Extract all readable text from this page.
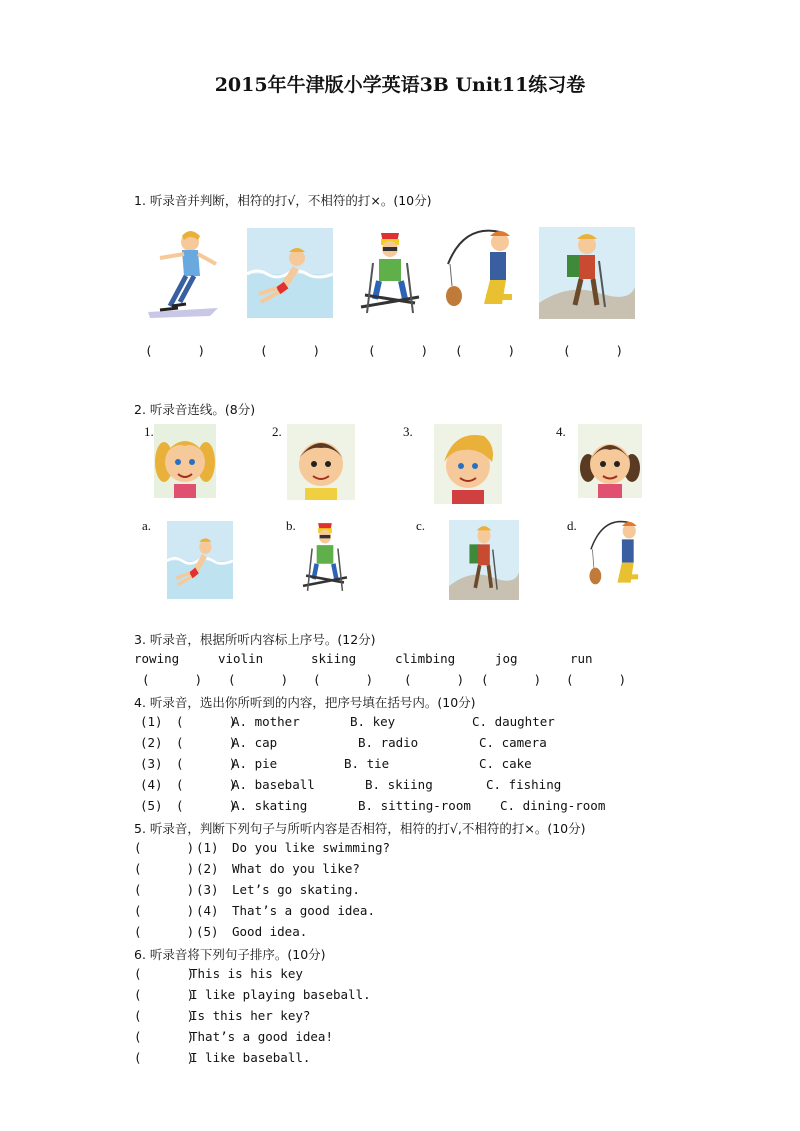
2015年牛津版小学英语3B Unit11练习卷
1. 听录音并判断，相符的打√，不相符的打×。(10分)
(      )	(      )	(      ) (      )	(      )
2. 听录音连线。(8分)
1.	2.	3.	4.
a.	b.	c.	d.
3. 听录音，根据所听内容标上序号。(12分)
rowing	violin	skiing	climbing	jog	run
(      ) (      ) (      ) (      ) (      ) (      )
4. 听录音，选出你所听到的内容，把序号填在括号内。(10分)
(1) (      )
A. mother	B. key	C. daughter
(2) (      )
A. cap	B. radio	C. camera
(3) (      )
A. pie	B. tie	C. cake
(4) (      )
A. baseball	B. skiing	C. fishing
(5) (      )
A. skating	B. sitting-room C. dining-room
5. 听录音，判断下列句子与所听内容是否相符，相符的打√,不相符的打×。(10分)
(      ) (1) Do you like swimming?
(      ) (2) What do you like?
(      ) (3) Let’s go skating.
(      ) (4) That’s a good idea.
(      ) (5) Good idea.
6. 听录音将下列句子排序。(10分)
(      )
This is his key
(      )
I like playing baseball.
(      )
Is this her key?
(      )
That’s a good idea!
(      )
I like baseball.
